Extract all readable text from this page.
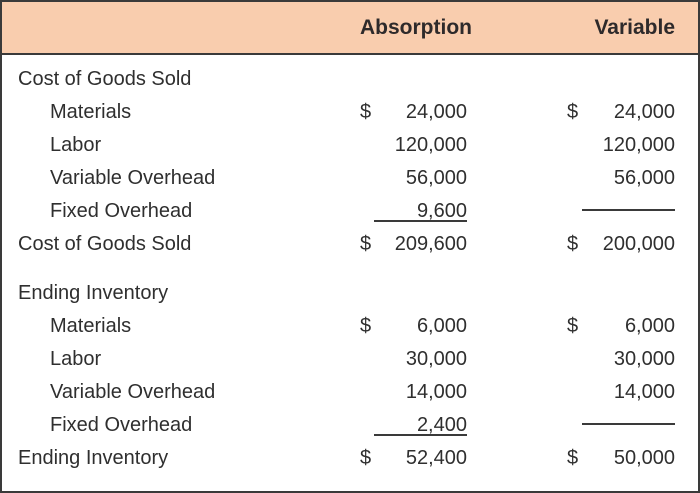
Absorption	Variable
Cost of Goods Sold
Materials	$ 24,000	$ 24,000
Labor	120,000	120,000
Variable Overhead	56,000	56,000
Fixed Overhead	9,600
Cost of Goods Sold	$ 209,600	$ 200,000
Ending Inventory
Materials	$ 6,000	$ 6,000
Labor	30,000	30,000
Variable Overhead	14,000	14,000
Fixed Overhead	2,400
Ending Inventory	$ 52,400	$ 50,000
